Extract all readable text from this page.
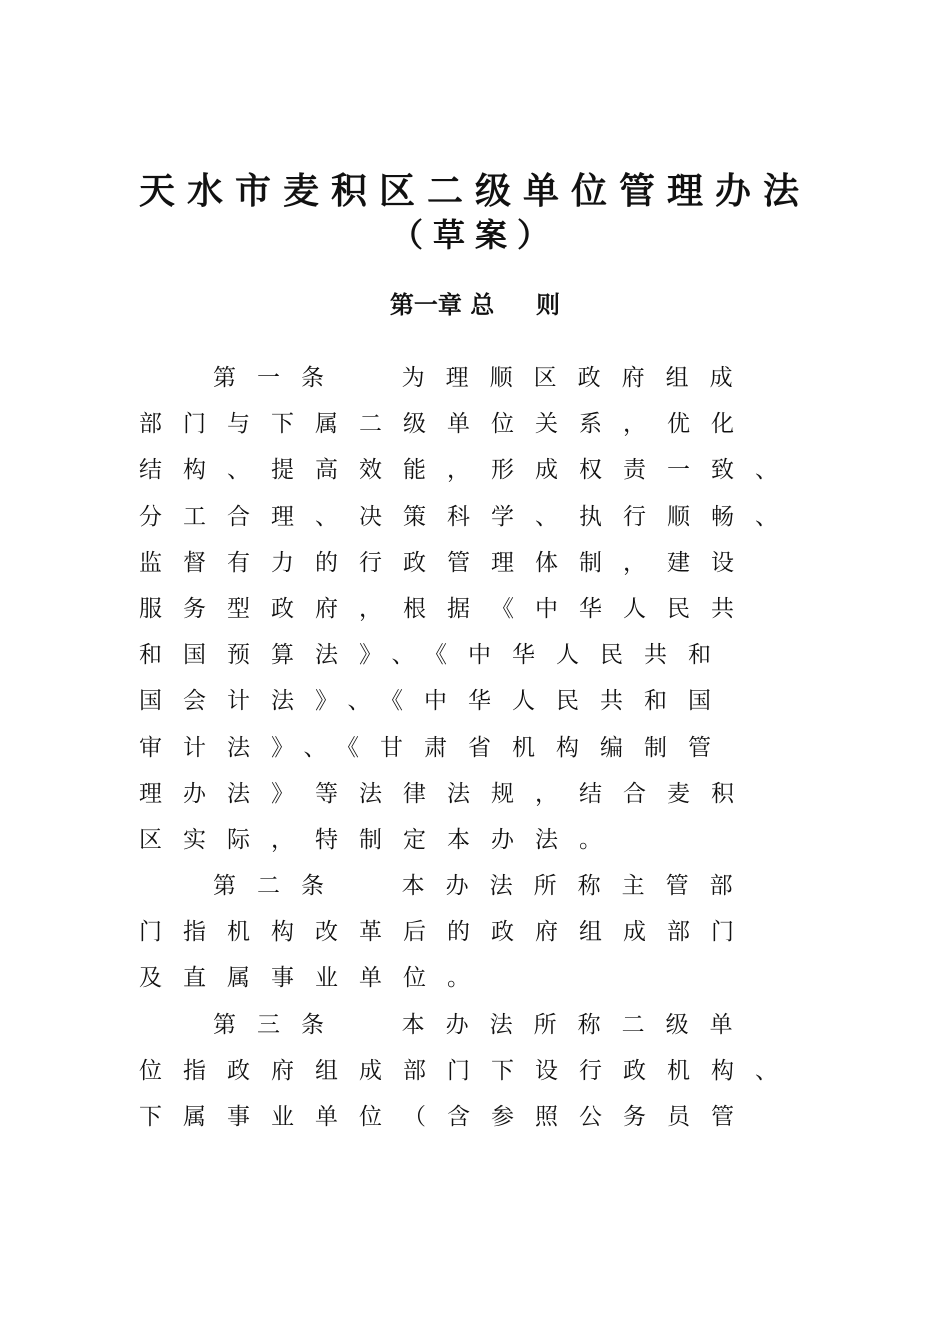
天水市麦积区二级单位管理办法
（草案）
第一章 总     则
第一条  为理顺区政府组成
部门与下属二级单位关系，优化
结构、提高效能，形成权责一致、
分工合理、决策科学、执行顺畅、
监督有力的行政管理体制，建设
服务型政府，根据《中华人民共
和国预算法》、《中华人民共和
国会计法》、《中华人民共和国
审计法》、《甘肃省机构编制管
理办法》等法律法规，结合麦积
区实际，特制定本办法。
第二条  本办法所称主管部
门指机构改革后的政府组成部门
及直属事业单位。
第三条  本办法所称二级单
位指政府组成部门下设行政机构、
下属事业单位（含参照公务员管
